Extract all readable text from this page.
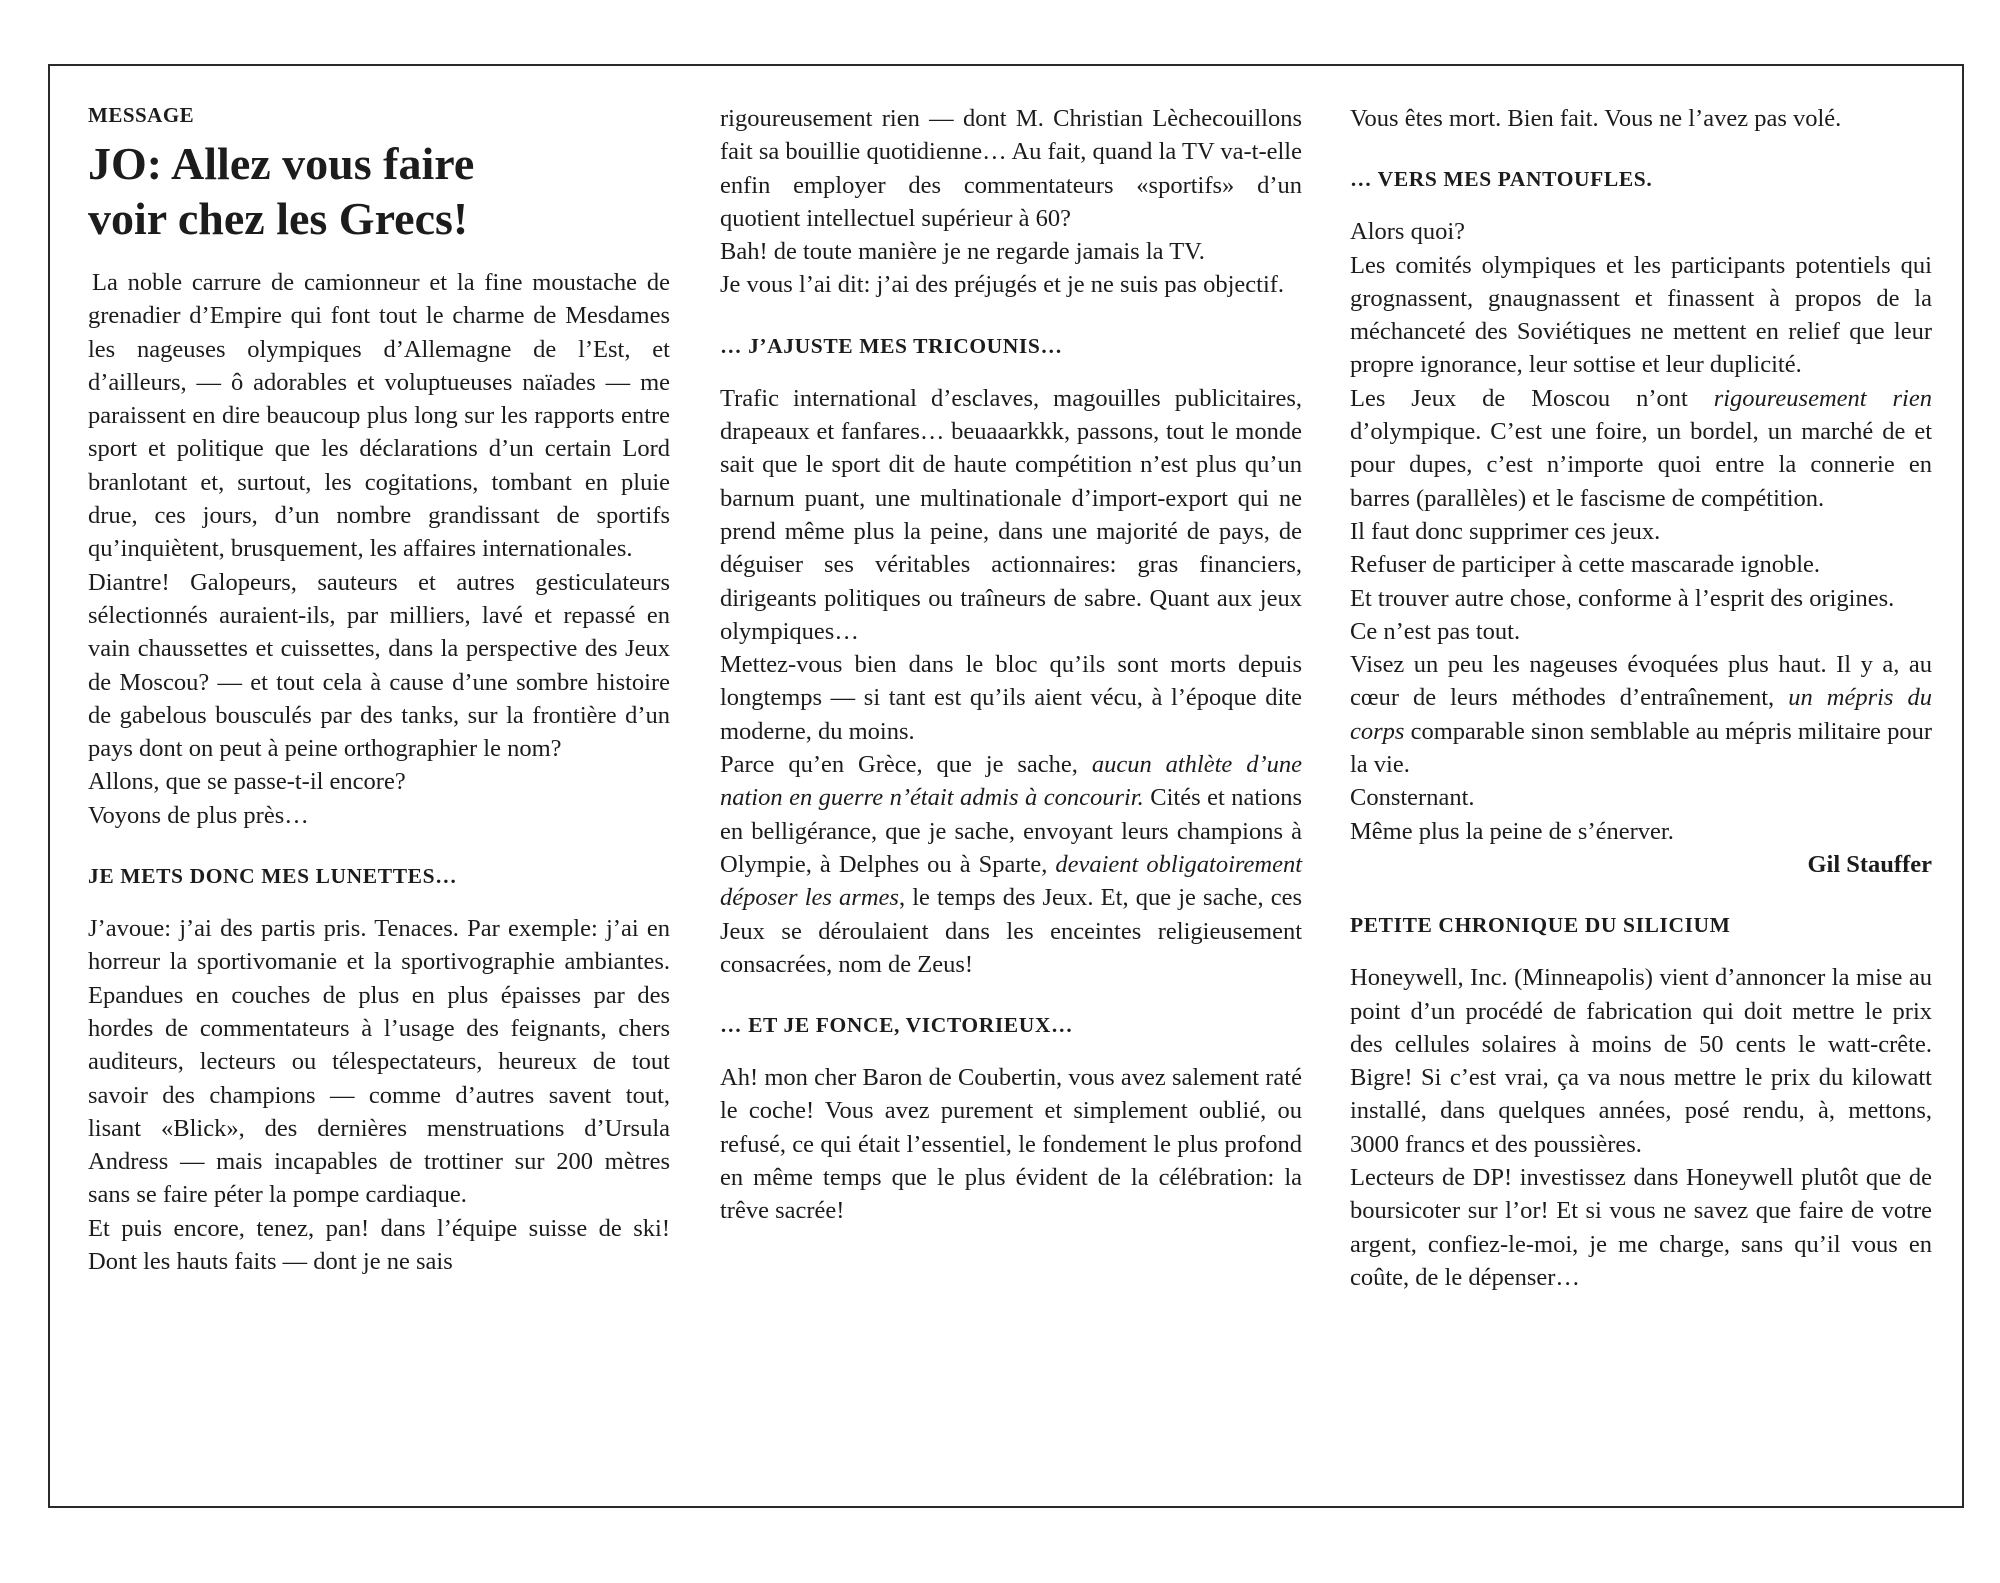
MESSAGE
JO: Allez vous faire
voir chez les Grecs!

La noble carrure de camionneur et la fine moustache de grenadier d’Empire qui font tout le charme de Mesdames les nageuses olympiques d’Allemagne de l’Est, et d’ailleurs, — ô adorables et voluptueuses naïades — me paraissent en dire beaucoup plus long sur les rapports entre sport et politique que les déclarations d’un certain Lord branlotant et, surtout, les cogitations, tombant en pluie drue, ces jours, d’un nombre grandissant de sportifs qu’inquiètent, brusquement, les affaires internationales.

Diantre! Galopeurs, sauteurs et autres gesticulateurs sélectionnés auraient-ils, par milliers, lavé et repassé en vain chaussettes et cuissettes, dans la perspective des Jeux de Moscou? — et tout cela à cause d’une sombre histoire de gabelous bousculés par des tanks, sur la frontière d’un pays dont on peut à peine orthographier le nom?

Allons, que se passe-t-il encore?

Voyons de plus près…

JE METS DONC MES LUNETTES…

J’avoue: j’ai des partis pris. Tenaces. Par exemple: j’ai en horreur la sportivomanie et la sportivographie ambiantes. Epandues en couches de plus en plus épaisses par des hordes de commentateurs à l’usage des feignants, chers auditeurs, lecteurs ou télespectateurs, heureux de tout savoir des champions — comme d’autres savent tout, lisant «Blick», des dernières menstruations d’Ursula Andress — mais incapables de trottiner sur 200 mètres sans se faire péter la pompe cardiaque.

Et puis encore, tenez, pan! dans l’équipe suisse de ski! Dont les hauts faits — dont je ne sais

rigoureusement rien — dont M. Christian Lèchecouillons fait sa bouillie quotidienne… Au fait, quand la TV va-t-elle enfin employer des commentateurs «sportifs» d’un quotient intellectuel supérieur à 60?

Bah! de toute manière je ne regarde jamais la TV.

Je vous l’ai dit: j’ai des préjugés et je ne suis pas objectif.

… J’AJUSTE MES TRICOUNIS…

Trafic international d’esclaves, magouilles publicitaires, drapeaux et fanfares… beuaaarkkk, passons, tout le monde sait que le sport dit de haute compétition n’est plus qu’un barnum puant, une multinationale d’import-export qui ne prend même plus la peine, dans une majorité de pays, de déguiser ses véritables actionnaires: gras financiers, dirigeants politiques ou traîneurs de sabre. Quant aux jeux olympiques…

Mettez-vous bien dans le bloc qu’ils sont morts depuis longtemps — si tant est qu’ils aient vécu, à l’époque dite moderne, du moins.

Parce qu’en Grèce, que je sache, aucun athlète d’une nation en guerre n’était admis à concourir. Cités et nations en belligérance, que je sache, envoyant leurs champions à Olympie, à Delphes ou à Sparte, devaient obligatoirement déposer les armes, le temps des Jeux. Et, que je sache, ces Jeux se déroulaient dans les enceintes religieusement consacrées, nom de Zeus!

… ET JE FONCE, VICTORIEUX…

Ah! mon cher Baron de Coubertin, vous avez salement raté le coche! Vous avez purement et simplement oublié, ou refusé, ce qui était l’essentiel, le fondement le plus profond en même temps que le plus évident de la célébration: la trêve sacrée!

Vous êtes mort. Bien fait. Vous ne l’avez pas volé.

… VERS MES PANTOUFLES.

Alors quoi?

Les comités olympiques et les participants potentiels qui grognassent, gnaugnassent et finassent à propos de la méchanceté des Soviétiques ne mettent en relief que leur propre ignorance, leur sottise et leur duplicité.

Les Jeux de Moscou n’ont rigoureusement rien d’olympique. C’est une foire, un bordel, un marché de et pour dupes, c’est n’importe quoi entre la connerie en barres (parallèles) et le fascisme de compétition.

Il faut donc supprimer ces jeux.

Refuser de participer à cette mascarade ignoble.

Et trouver autre chose, conforme à l’esprit des origines.

Ce n’est pas tout.

Visez un peu les nageuses évoquées plus haut. Il y a, au cœur de leurs méthodes d’entraînement, un mépris du corps comparable sinon semblable au mépris militaire pour la vie.

Consternant.

Même plus la peine de s’énerver.

Gil Stauffer

PETITE CHRONIQUE DU SILICIUM

Honeywell, Inc. (Minneapolis) vient d’annoncer la mise au point d’un procédé de fabrication qui doit mettre le prix des cellules solaires à moins de 50 cents le watt-crête. Bigre! Si c’est vrai, ça va nous mettre le prix du kilowatt installé, dans quelques années, posé rendu, à, mettons, 3000 francs et des poussières.

Lecteurs de DP! investissez dans Honeywell plutôt que de boursicoter sur l’or! Et si vous ne savez que faire de votre argent, confiez-le-moi, je me charge, sans qu’il vous en coûte, de le dépenser…
